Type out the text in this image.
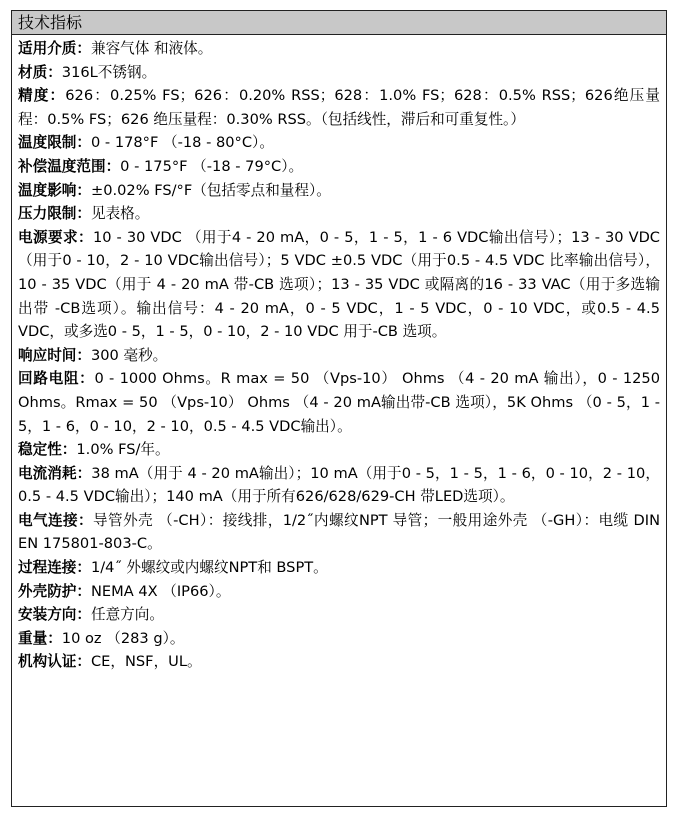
技术指标

适用介质：兼容气体 和液体。

材质：316L不锈钢。

精度：626：0.25% FS；626：0.20% RSS；628：1.0% FS；628：0.5% RSS；626绝压量程：0.5% FS；626 绝压量程：0.30% RSS。（包括线性，滞后和可重复性。）

温度限制：0 - 178°F （-18 - 80°C）。

补偿温度范围：0 - 175°F （-18 - 79°C）。

温度影响：±0.02% FS/°F（包括零点和量程）。

压力限制：见表格。

电源要求：10 - 30 VDC （用于4 - 20 mA，0 - 5，1 - 5，1 - 6 VDC输出信号）；13 - 30 VDC （用于0 - 10，2 - 10 VDC输出信号）；5 VDC ±0.5 VDC（用于0.5 - 4.5 VDC 比率输出信号），10 - 35 VDC（用于 4 - 20 mA 带-CB 选项）；13 - 35 VDC 或隔离的16 - 33 VAC（用于多选输出带 -CB选项）。输出信号：4 - 20 mA，0 - 5 VDC，1 - 5 VDC，0 - 10 VDC，或0.5 - 4.5 VDC，或多选0 - 5，1 - 5，0 - 10，2 - 10 VDC 用于-CB 选项。

响应时间：300 毫秒。

回路电阻：0 - 1000 Ohms。R max = 50 （Vps-10） Ohms （4 - 20 mA 输出），0 - 1250 Ohms。Rmax = 50 （Vps-10） Ohms （4 - 20 mA输出带-CB 选项），5K Ohms （0 - 5，1 - 5，1 - 6，0 - 10，2 - 10，0.5 - 4.5 VDC输出）。

稳定性：1.0% FS/年。

电流消耗：38 mA（用于 4 - 20 mA输出）；10 mA（用于0 - 5，1 - 5，1 - 6，0 - 10，2 - 10，0.5 - 4.5 VDC输出）；140 mA（用于所有626/628/629-CH 带LED选项）。

电气连接：导管外壳 （-CH）：接线排，1/2˝内螺纹NPT 导管；一般用途外壳 （-GH）：电缆 DIN EN 175801-803-C。

过程连接：1/4˝ 外螺纹或内螺纹NPT和 BSPT。

外壳防护：NEMA 4X （IP66）。

安装方向：任意方向。

重量：10 oz （283 g）。

机构认证：CE，NSF，UL。
